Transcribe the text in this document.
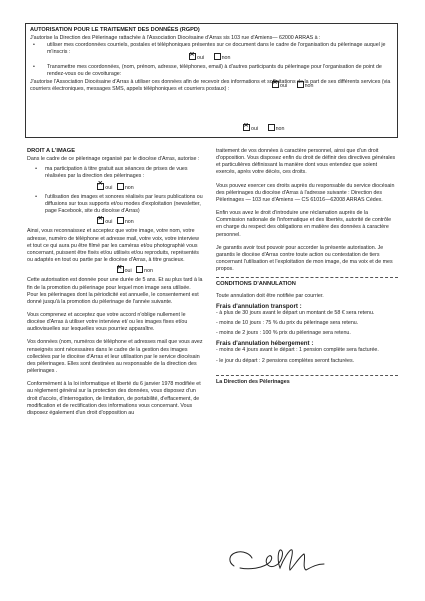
AUTORISATION POUR LE TRAITEMENT DES DONNÉES (RGPD)

J'autorise la Direction des Pèlerinage rattachée à l'Association Diocésaine d'Arras sis 103 rue d'Amiens— 62000 ARRAS à :

•	utiliser mes coordonnées courriels, postales et téléphoniques présentes sur ce document dans le cadre de l'organisation du pèlerinage auquel je m'inscris :
✕oui	non
•	Transmettre mes coordonnées, (nom, prénom, adresse, téléphones, email) à d'autres participants du pèlerinage pour l'organisation de point de rendez-vous ou de covoiturage:
✕oui	non

J'autorise l'Association Diocésaine d'Arras à utiliser ces données afin de recevoir des informations et sollicitations de la part de ses différents services (via courriers électroniques, messages SMS, appels téléphoniques et courriers postaux) :

✕oui	non
DROIT A L'IMAGE

Dans le cadre de ce pèlerinage organisé par le diocèse d'Arras, autorise :

•	ma participation à titre gratuit aux séances de prises de vues réalisées par la direction des pèlerinages :
✕oui non
•	l'utilisation des images et sonores réalisés par leurs publications ou diffusions sur tous supports et/ou modes d'exploitation (newsletter, page Facebook, site du diocèse d'Arras)
✕oui non

Ainsi, vous reconnaissez et acceptez que votre image, votre nom, votre adresse, numéro de téléphone et adresse mail, votre voix, votre interview et tout ce qui aura pu être filmé par les caméras et/ou photographié vous concernant, puissent être fixés et/ou utilisés et/ou reproduits, représentés ou adaptés en tout ou partie par le diocèse d'Arras, à titre gracieux.

✕oui non

Cette autorisation est donnée pour une durée de 5 ans. Et au plus tard à la fin de la promotion du pèlerinage pour lequel mon image sera utilisée. Pour les pèlerinages dont la périodicité est annuelle, le consentement est donné jusqu'à la promotion du pèlerinage de l'année suivante.

Vous comprenez et acceptez que votre accord n'oblige nullement le diocèse d'Arras à utiliser votre interview et/ ou les images fixes et/ou audiovisuelles sur lesquelles vous pourriez apparaître.

Vos données (nom, numéros de téléphone et adresses mail que vous avez renseignés sont nécessaires dans le cadre de la gestion des images collectées par le diocèse d'Arras et leur utilisation par le service diocésain des pèlerinages. Elles sont destinées au responsable de la direction des pèlerinages .

Conformément à la loi informatique et liberté du 6 janvier 1978 modifiée et au règlement général sur la protection des données, vous disposez d'un droit d'accès, d'interrogation, de limitation, de portabilité, d'effacement, de modification et de rectification des informations vous concernant. Vous disposez également d'un droit d'opposition au

traitement de vos données à caractère personnel, ainsi que d'un droit d'opposition. Vous disposez enfin du droit de définir des directives générales et particulières définissant la manière dont vous entendez que soient exercés, après votre décès, ces droits.

Vous pouvez exercer ces droits auprès du responsable du service diocésain des pèlerinages du diocèse d'Arras à l'adresse suivante : Direction des Pèlerinages — 103 rue d'Amiens — CS 61016—62008 ARRAS Cédex.

Enfin vous avez le droit d'introduire une réclamation auprès de la Commission nationale de l'informatique et des libertés, autorité de contrôle en charge du respect des obligations en matière des données à caractère personnel.

Je garantis avoir tout pouvoir pour accorder la présente autorisation. Je garantis le diocèse d'Arras contre toute action ou contestation de tiers concernant l'utilisation et l'exploitation de mon image, de ma voix et de mes propos.

CONDITIONS D'ANNULATION

Toute annulation doit être notifiée par courrier.

Frais d'annulation transport :

- à plus de 30 jours avant le départ un montant de 58 € sera retenu.

- moins de 10 jours : 75 % du prix du pèlerinage sera retenu.

- moins de 2 jours : 100 % prix du pèlerinage sera retenu.

Frais d'annulation hébergement :

- moins de 4 jours avant le départ : 1 pension complète sera facturée.

- le jour du départ : 2 pensions complètes seront facturées.

La Direction des Pèlerinages
